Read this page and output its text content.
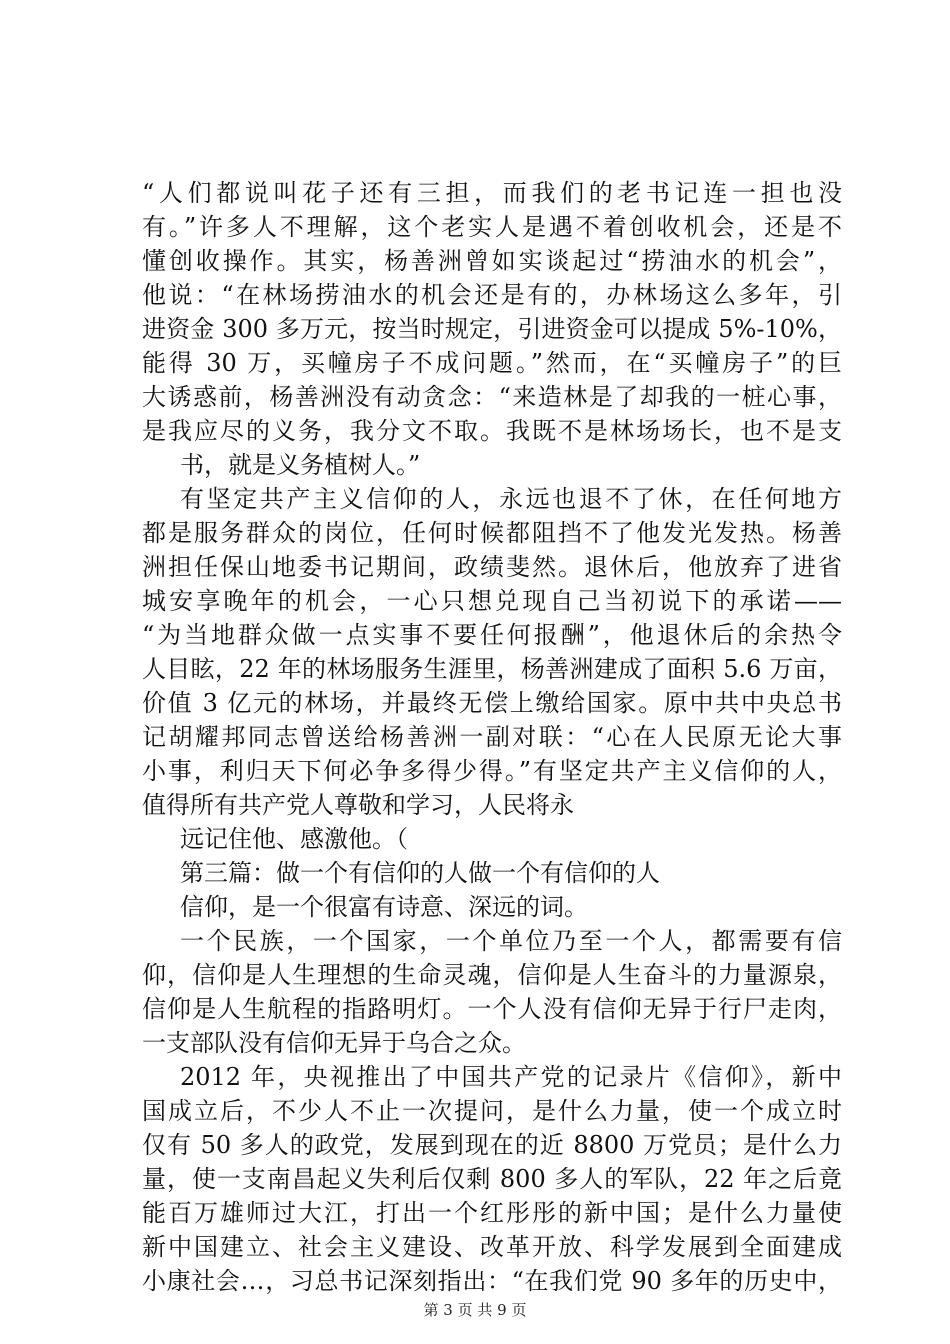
“人们都说叫花子还有三担，而我们的老书记连一担也没
有。”许多人不理解，这个老实人是遇不着创收机会，还是不
懂创收操作。其实，杨善洲曾如实谈起过“捞油水的机会”，
他说：“在林场捞油水的机会还是有的，办林场这么多年，引
进资金 300 多万元，按当时规定，引进资金可以提成 5%-10%，
能得 30 万，买幢房子不成问题。”然而，在“买幢房子”的巨
大诱惑前，杨善洲没有动贪念：“来造林是了却我的一桩心事，
是我应尽的义务，我分文不取。我既不是林场场长，也不是支
书，就是义务植树人。”
有坚定共产主义信仰的人，永远也退不了休，在任何地方
都是服务群众的岗位，任何时候都阻挡不了他发光发热。杨善
洲担任保山地委书记期间，政绩斐然。退休后，他放弃了进省
城安享晚年的机会，一心只想兑现自己当初说下的承诺——
“为当地群众做一点实事不要任何报酬”，他退休后的余热令
人目眩，22 年的林场服务生涯里，杨善洲建成了面积 5.6 万亩，
价值 3 亿元的林场，并最终无偿上缴给国家。原中共中央总书
记胡耀邦同志曾送给杨善洲一副对联：“心在人民原无论大事
小事，利归天下何必争多得少得。”有坚定共产主义信仰的人，
值得所有共产党人尊敬和学习，人民将永
远记住他、感激他。（
第三篇：做一个有信仰的人做一个有信仰的人
信仰，是一个很富有诗意、深远的词。
一个民族，一个国家，一个单位乃至一个人，都需要有信
仰，信仰是人生理想的生命灵魂，信仰是人生奋斗的力量源泉，
信仰是人生航程的指路明灯。一个人没有信仰无异于行尸走肉，
一支部队没有信仰无异于乌合之众。
2012 年，央视推出了中国共产党的记录片《信仰》，新中
国成立后，不少人不止一次提问，是什么力量，使一个成立时
仅有 50 多人的政党，发展到现在的近 8800 万党员；是什么力
量，使一支南昌起义失利后仅剩 800 多人的军队，22 年之后竟
能百万雄师过大江，打出一个红彤彤的新中国；是什么力量使
新中国建立、社会主义建设、改革开放、科学发展到全面建成
小康社会…，习总书记深刻指出：“在我们党 90 多年的历史中，
第 3 页 共 9 页
